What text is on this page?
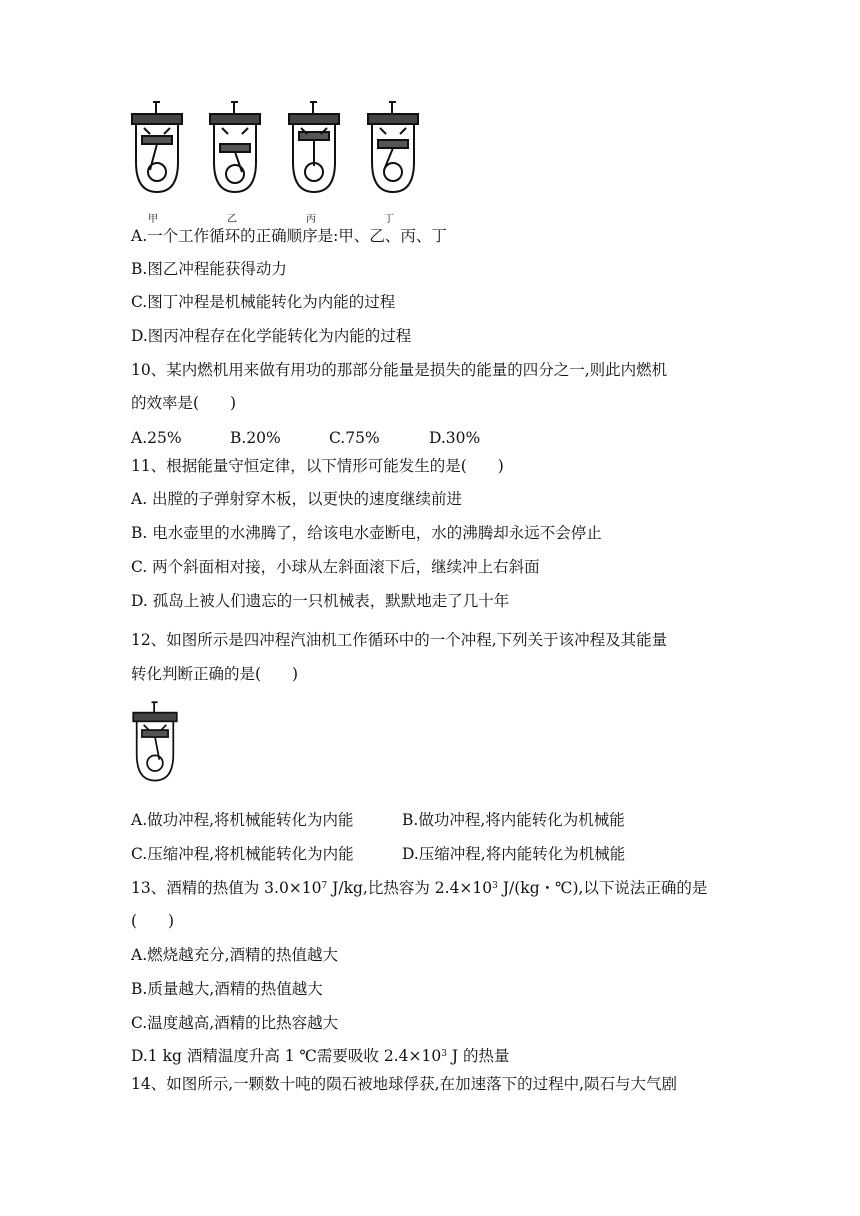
甲	乙	丙	丁
A.一个工作循环的正确顺序是:甲、乙、丙、丁
B.图乙冲程能获得动力
C.图丁冲程是机械能转化为内能的过程
D.图丙冲程存在化学能转化为内能的过程
10、某内燃机用来做有用功的那部分能量是损失的能量的四分之一,则此内燃机
的效率是(　　)
A.25%	B.20%	C.75%	D.30%
11、根据能量守恒定律，以下情形可能发生的是(　　)
A. 出膛的子弹射穿木板，以更快的速度继续前进
B. 电水壶里的水沸腾了，给该电水壶断电，水的沸腾却永远不会停止
C. 两个斜面相对接，小球从左斜面滚下后，继续冲上右斜面
D. 孤岛上被人们遗忘的一只机械表，默默地走了几十年
12、如图所示是四冲程汽油机工作循环中的一个冲程,下列关于该冲程及其能量
转化判断正确的是(　　)
A.做功冲程,将机械能转化为内能	B.做功冲程,将内能转化为机械能
C.压缩冲程,将机械能转化为内能	D.压缩冲程,将内能转化为机械能
13、酒精的热值为 $3.0\times 10^7$ J/kg,比热容为 $2.4\times 10^3$ J/(kg・℃),以下说法正确的是
(　　)
A.燃烧越充分,酒精的热值越大
B.质量越大,酒精的热值越大
C.温度越高,酒精的比热容越大
D.1 kg 酒精温度升高 1 ℃需要吸收 $2.4\times 10^3$ J 的热量
14、如图所示,一颗数十吨的陨石被地球俘获,在加速落下的过程中,陨石与大气剧
